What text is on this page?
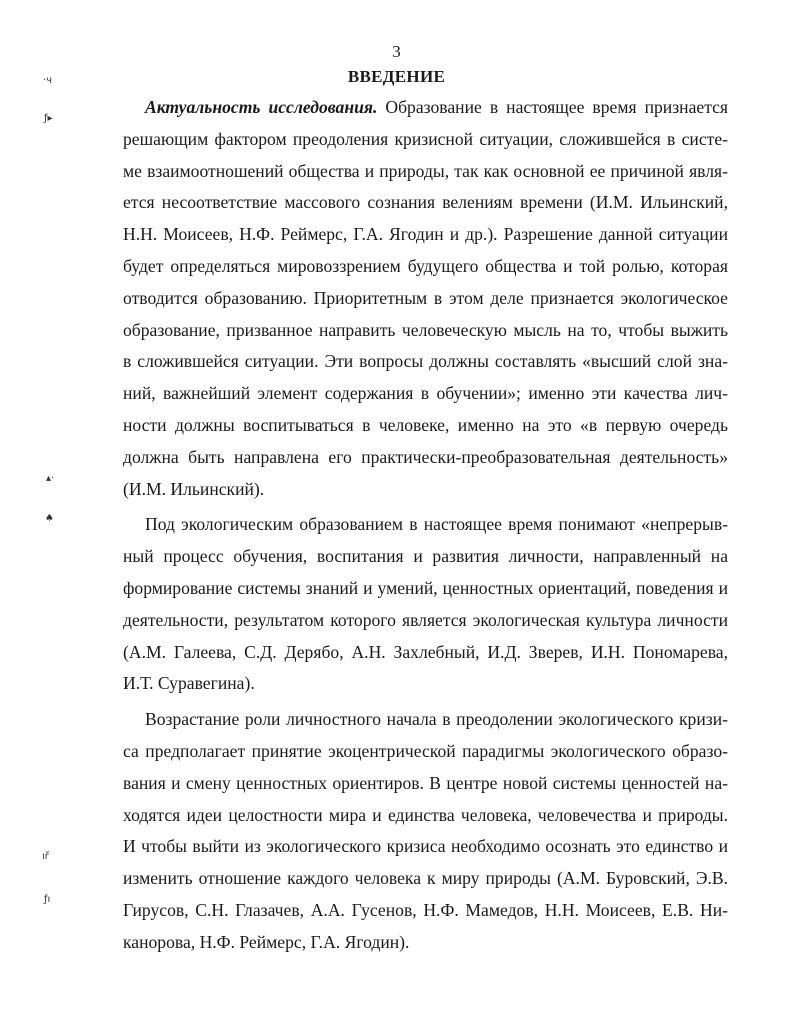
·ч
ƒ▸
▴·
♠
ıř
ƒı
3
ВВЕДЕНИЕ
Актуальность исследования. Образование в настоящее время признается
решающим фактором преодоления кризисной ситуации, сложившейся в систе-
ме взаимоотношений общества и природы, так как основной ее причиной явля-
ется несоответствие массового сознания велениям времени (И.М. Ильинский,
Н.Н. Моисеев, Н.Ф. Реймерс, Г.А. Ягодин и др.). Разрешение данной ситуации
будет определяться мировоззрением будущего общества и той ролью, которая
отводится образованию. Приоритетным в этом деле признается экологическое
образование, призванное направить человеческую мысль на то, чтобы выжить
в сложившейся ситуации. Эти вопросы должны составлять «высший слой зна-
ний, важнейший элемент содержания в обучении»; именно эти качества лич-
ности должны воспитываться в человеке, именно на это «в первую очередь
должна быть направлена его практически-преобразовательная деятельность»
(И.М. Ильинский).
Под экологическим образованием в настоящее время понимают «непрерыв-
ный процесс обучения, воспитания и развития личности, направленный на
формирование системы знаний и умений, ценностных ориентаций, поведения и
деятельности, результатом которого является экологическая культура личности
(А.М. Галеева, С.Д. Дерябо, А.Н. Захлебный, И.Д. Зверев, И.Н. Пономарева,
И.Т. Суравегина).
Возрастание роли личностного начала в преодолении экологического кризи-
са предполагает принятие экоцентрической парадигмы экологического образо-
вания и смену ценностных ориентиров. В центре новой системы ценностей на-
ходятся идеи целостности мира и единства человека, человечества и природы.
И чтобы выйти из экологического кризиса необходимо осознать это единство и
изменить отношение каждого человека к миру природы (А.М. Буровский, Э.В.
Гирусов, С.Н. Глазачев, А.А. Гусенов, Н.Ф. Мамедов, Н.Н. Моисеев, Е.В. Ни-
канорова, Н.Ф. Реймерс, Г.А. Ягодин).
